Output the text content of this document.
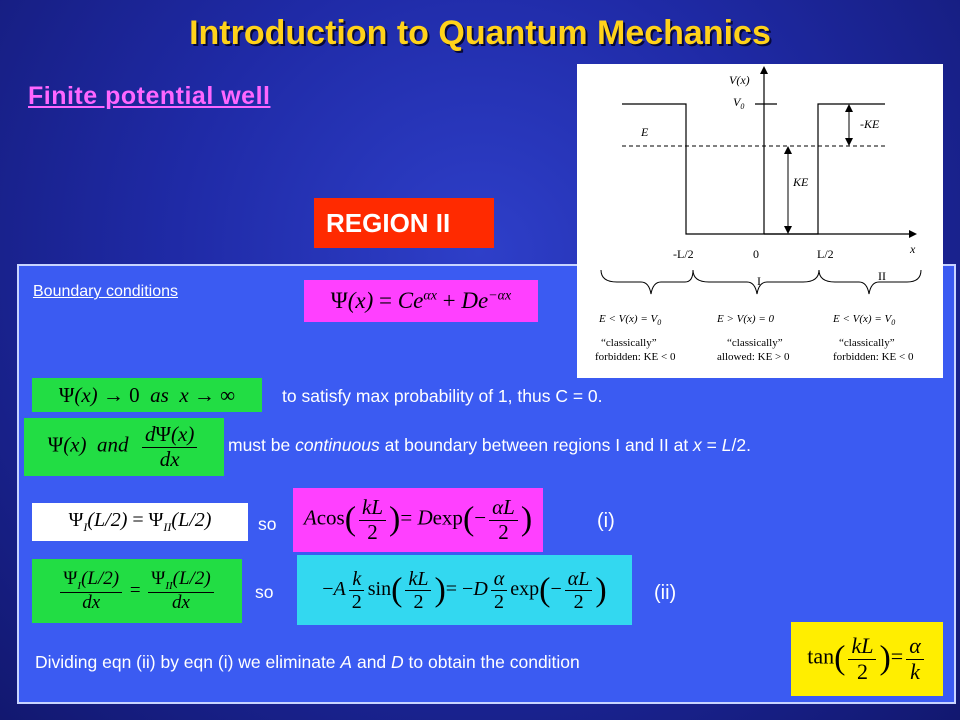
Introduction to Quantum Mechanics
Finite potential well
REGION II
V(x)
$V_0$
E
KE
-KE
x
-L/2	0	L/2
I	II
$E < V(x) = V_0$
“classically”
forbidden: KE < 0
E > V(x) = 0
“classically”
allowed: KE > 0
$E < V(x) = V_0$
“classically”
forbidden: KE < 0
Boundary conditions	$\Psi(x) = Ce^{\alpha x} + De^{-\alpha x}$
Ψ(x) → 0  as  x → ∞	to satisfy max probability of 1, thus C = 0.
Ψ(x)  and $\frac{d\Psi(x)}{dx}$ must be continuous at boundary between regions I and II at x = L/2.
$\Psi_I(L/2) = \Psi_{II}(L/2)$	so $Acos( \frac{kL}{2}$ )= $Dexp(- \frac{\alpha L}{2}$ )	(i)
$\frac{\Psi_I(L/2)}{dx} = \frac{\Psi_{II}(L/2)}{dx}$ so $-A \frac{k}{2} \sin( \frac{kL}{2}$ )= $-D \frac{\alpha}{2} \exp(- \frac{\alpha L}{2}$ ) (ii)
Dividing eqn (ii) by eqn (i) we eliminate A and D to obtain the condition	$\tan( \frac{kL}{2}$ )= $\frac{\alpha}{k}$
